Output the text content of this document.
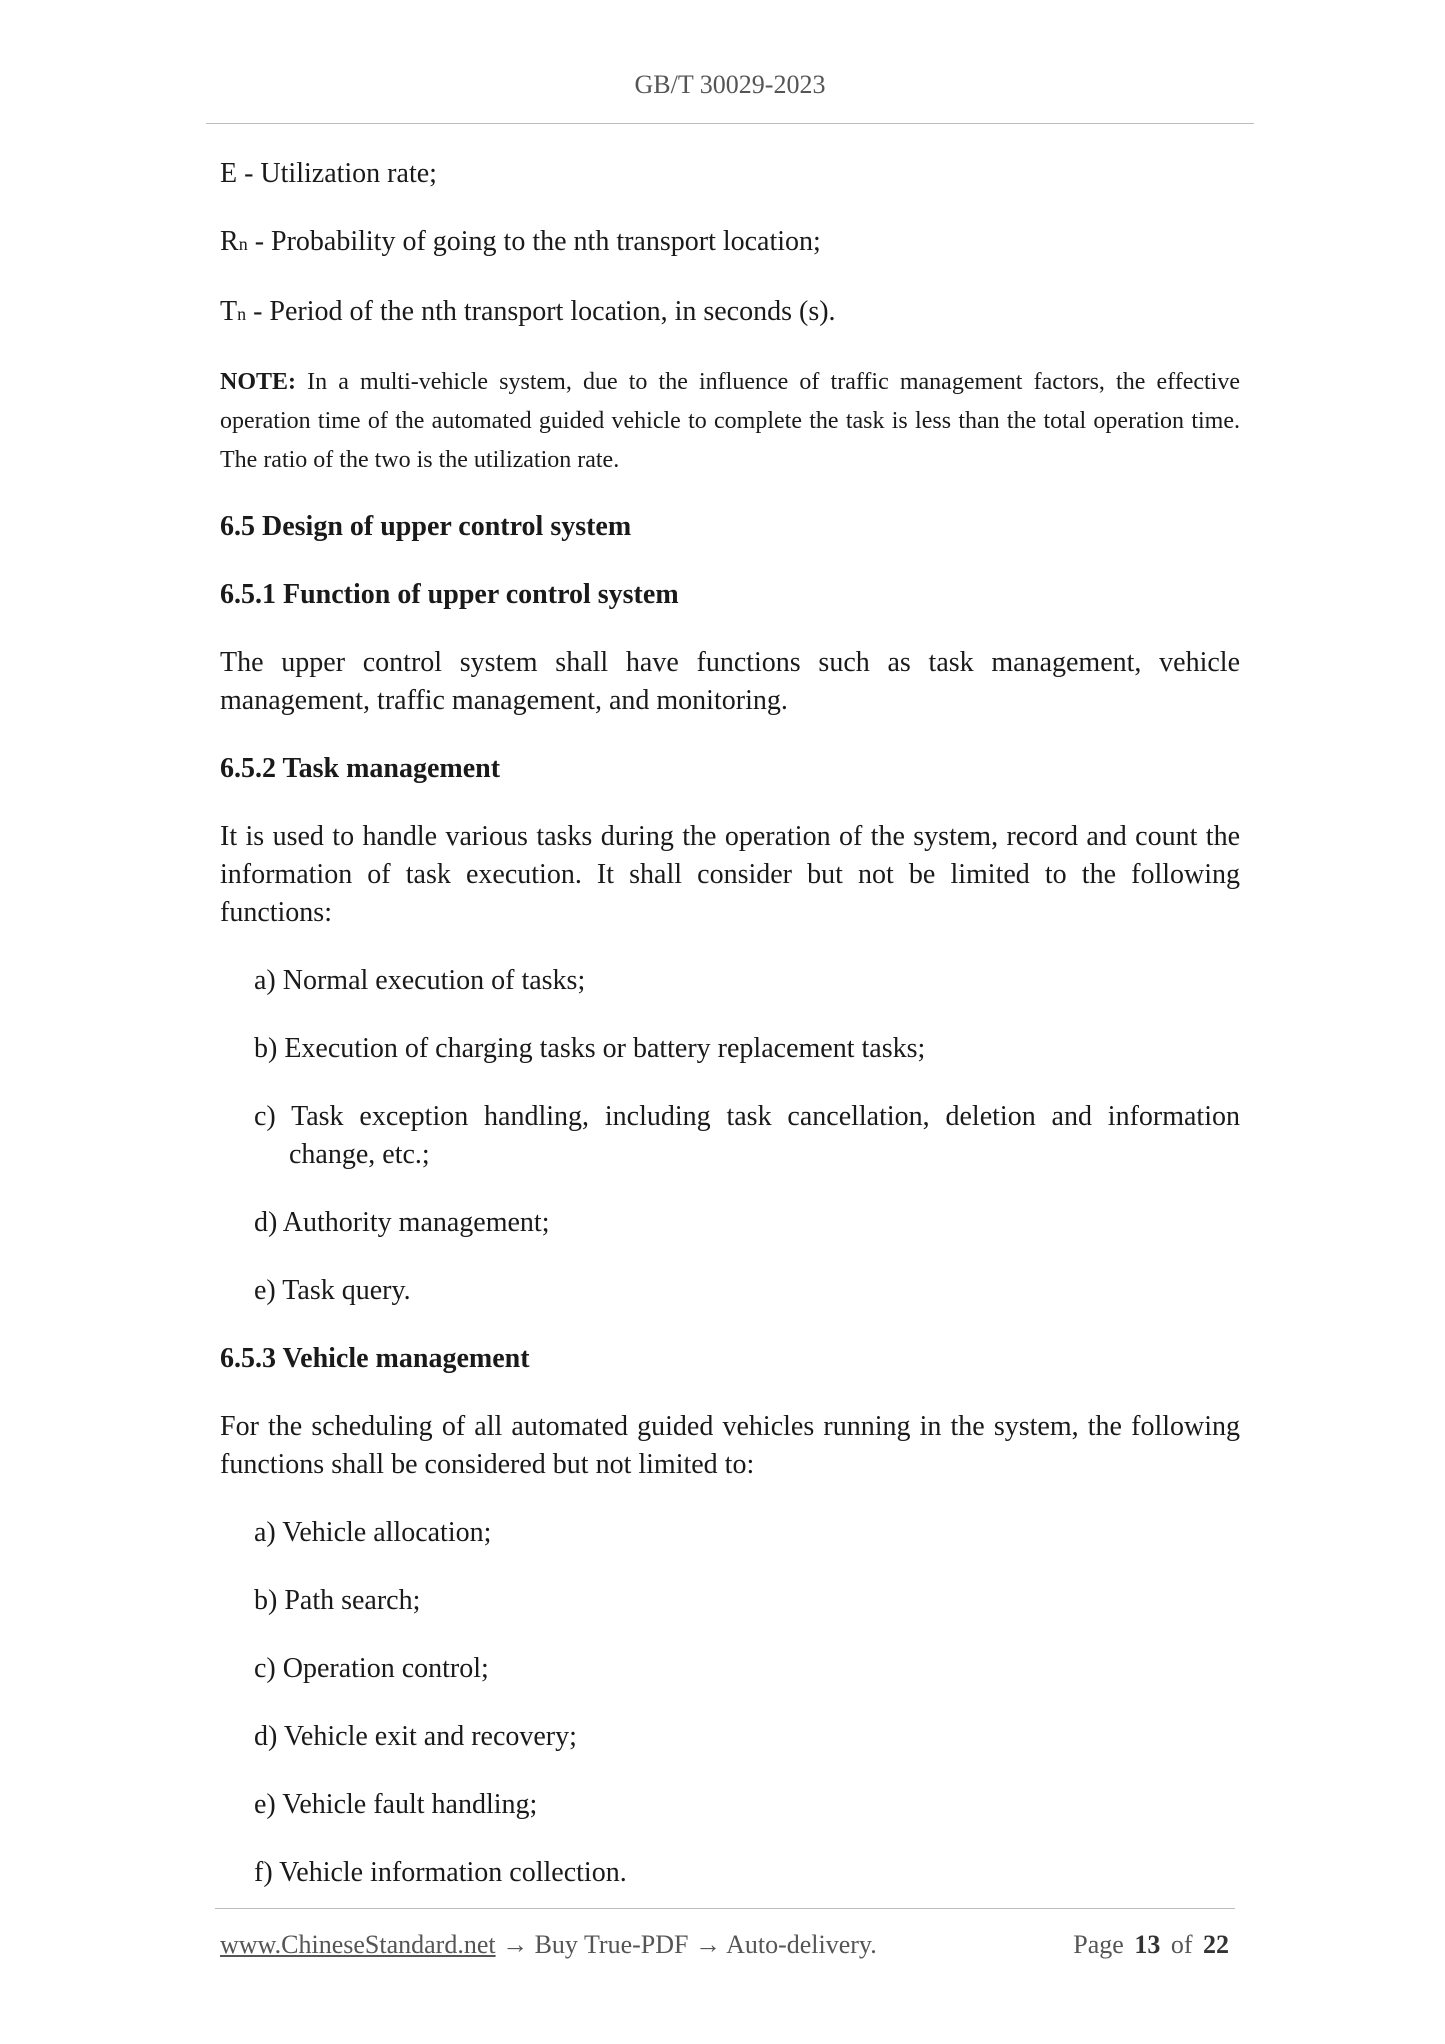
GB/T 30029-2023

E - Utilization rate;

Rn - Probability of going to the nth transport location;

Tn - Period of the nth transport location, in seconds (s).

NOTE: In a multi-vehicle system, due to the influence of traffic management factors, the effective operation time of the automated guided vehicle to complete the task is less than the total operation time. The ratio of the two is the utilization rate.

6.5 Design of upper control system
6.5.1 Function of upper control system

The upper control system shall have functions such as task management, vehicle management, traffic management, and monitoring.

6.5.2 Task management

It is used to handle various tasks during the operation of the system, record and count the information of task execution. It shall consider but not be limited to the following functions:

a) Normal execution of tasks;
b) Execution of charging tasks or battery replacement tasks;
c) Task exception handling, including task cancellation, deletion and information change, etc.;
d) Authority management;
e) Task query.
6.5.3 Vehicle management

For the scheduling of all automated guided vehicles running in the system, the following functions shall be considered but not limited to:

a) Vehicle allocation;
b) Path search;
c) Operation control;
d) Vehicle exit and recovery;
e) Vehicle fault handling;
f) Vehicle information collection.
www.ChineseStandard.net → Buy True-PDF → Auto-delivery.	Page 13 of 22
